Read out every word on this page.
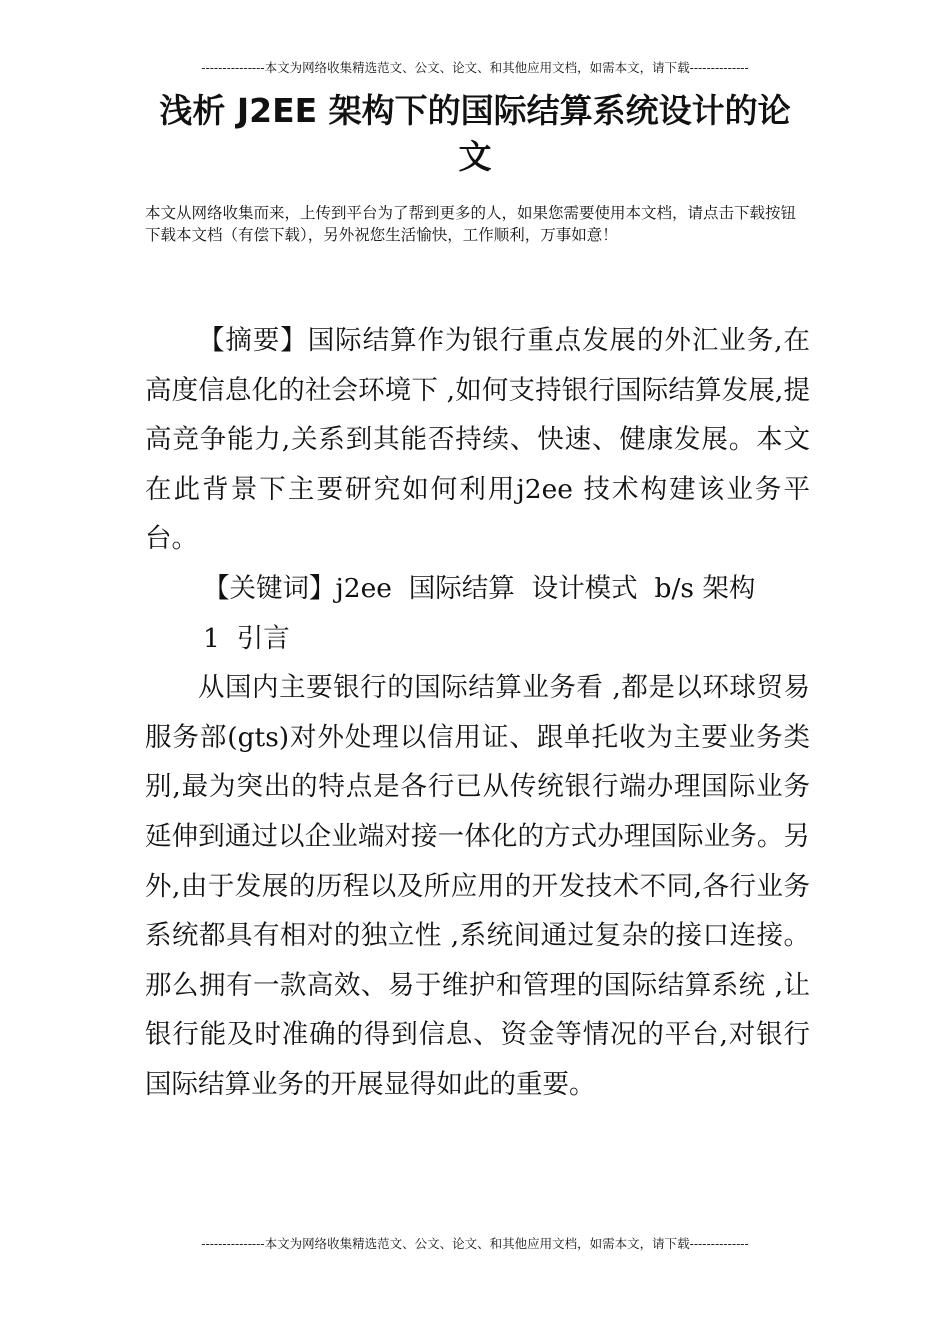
---------------本文为网络收集精选范文、公文、论文、和其他应用文档，如需本文，请下载--------------
浅析 J2EE 架构下的国际结算系统设计的论文
本文从网络收集而来，上传到平台为了帮到更多的人，如果您需要使用本文档，请点击下载按钮下载本文档（有偿下载），另外祝您生活愉快，工作顺利，万事如意！

【摘要】国际结算作为银行重点发展的外汇业务,在高度信息化的社会环境下 ,如何支持银行国际结算发展,提高竞争能力,关系到其能否持续、快速、健康发展。本文在此背景下主要研究如何利用j2ee 技术构建该业务平台。

【关键词】j2ee  国际结算  设计模式  b/s 架构

1  引言

从国内主要银行的国际结算业务看 ,都是以环球贸易服务部(gts)对外处理以信用证、跟单托收为主要业务类别,最为突出的特点是各行已从传统银行端办理国际业务延伸到通过以企业端对接一体化的方式办理国际业务。另外,由于发展的历程以及所应用的开发技术不同,各行业务系统都具有相对的独立性 ,系统间通过复杂的接口连接。那么拥有一款高效、易于维护和管理的国际结算系统 ,让银行能及时准确的得到信息、资金等情况的平台,对银行国际结算业务的开展显得如此的重要。

---------------本文为网络收集精选范文、公文、论文、和其他应用文档，如需本文，请下载--------------
